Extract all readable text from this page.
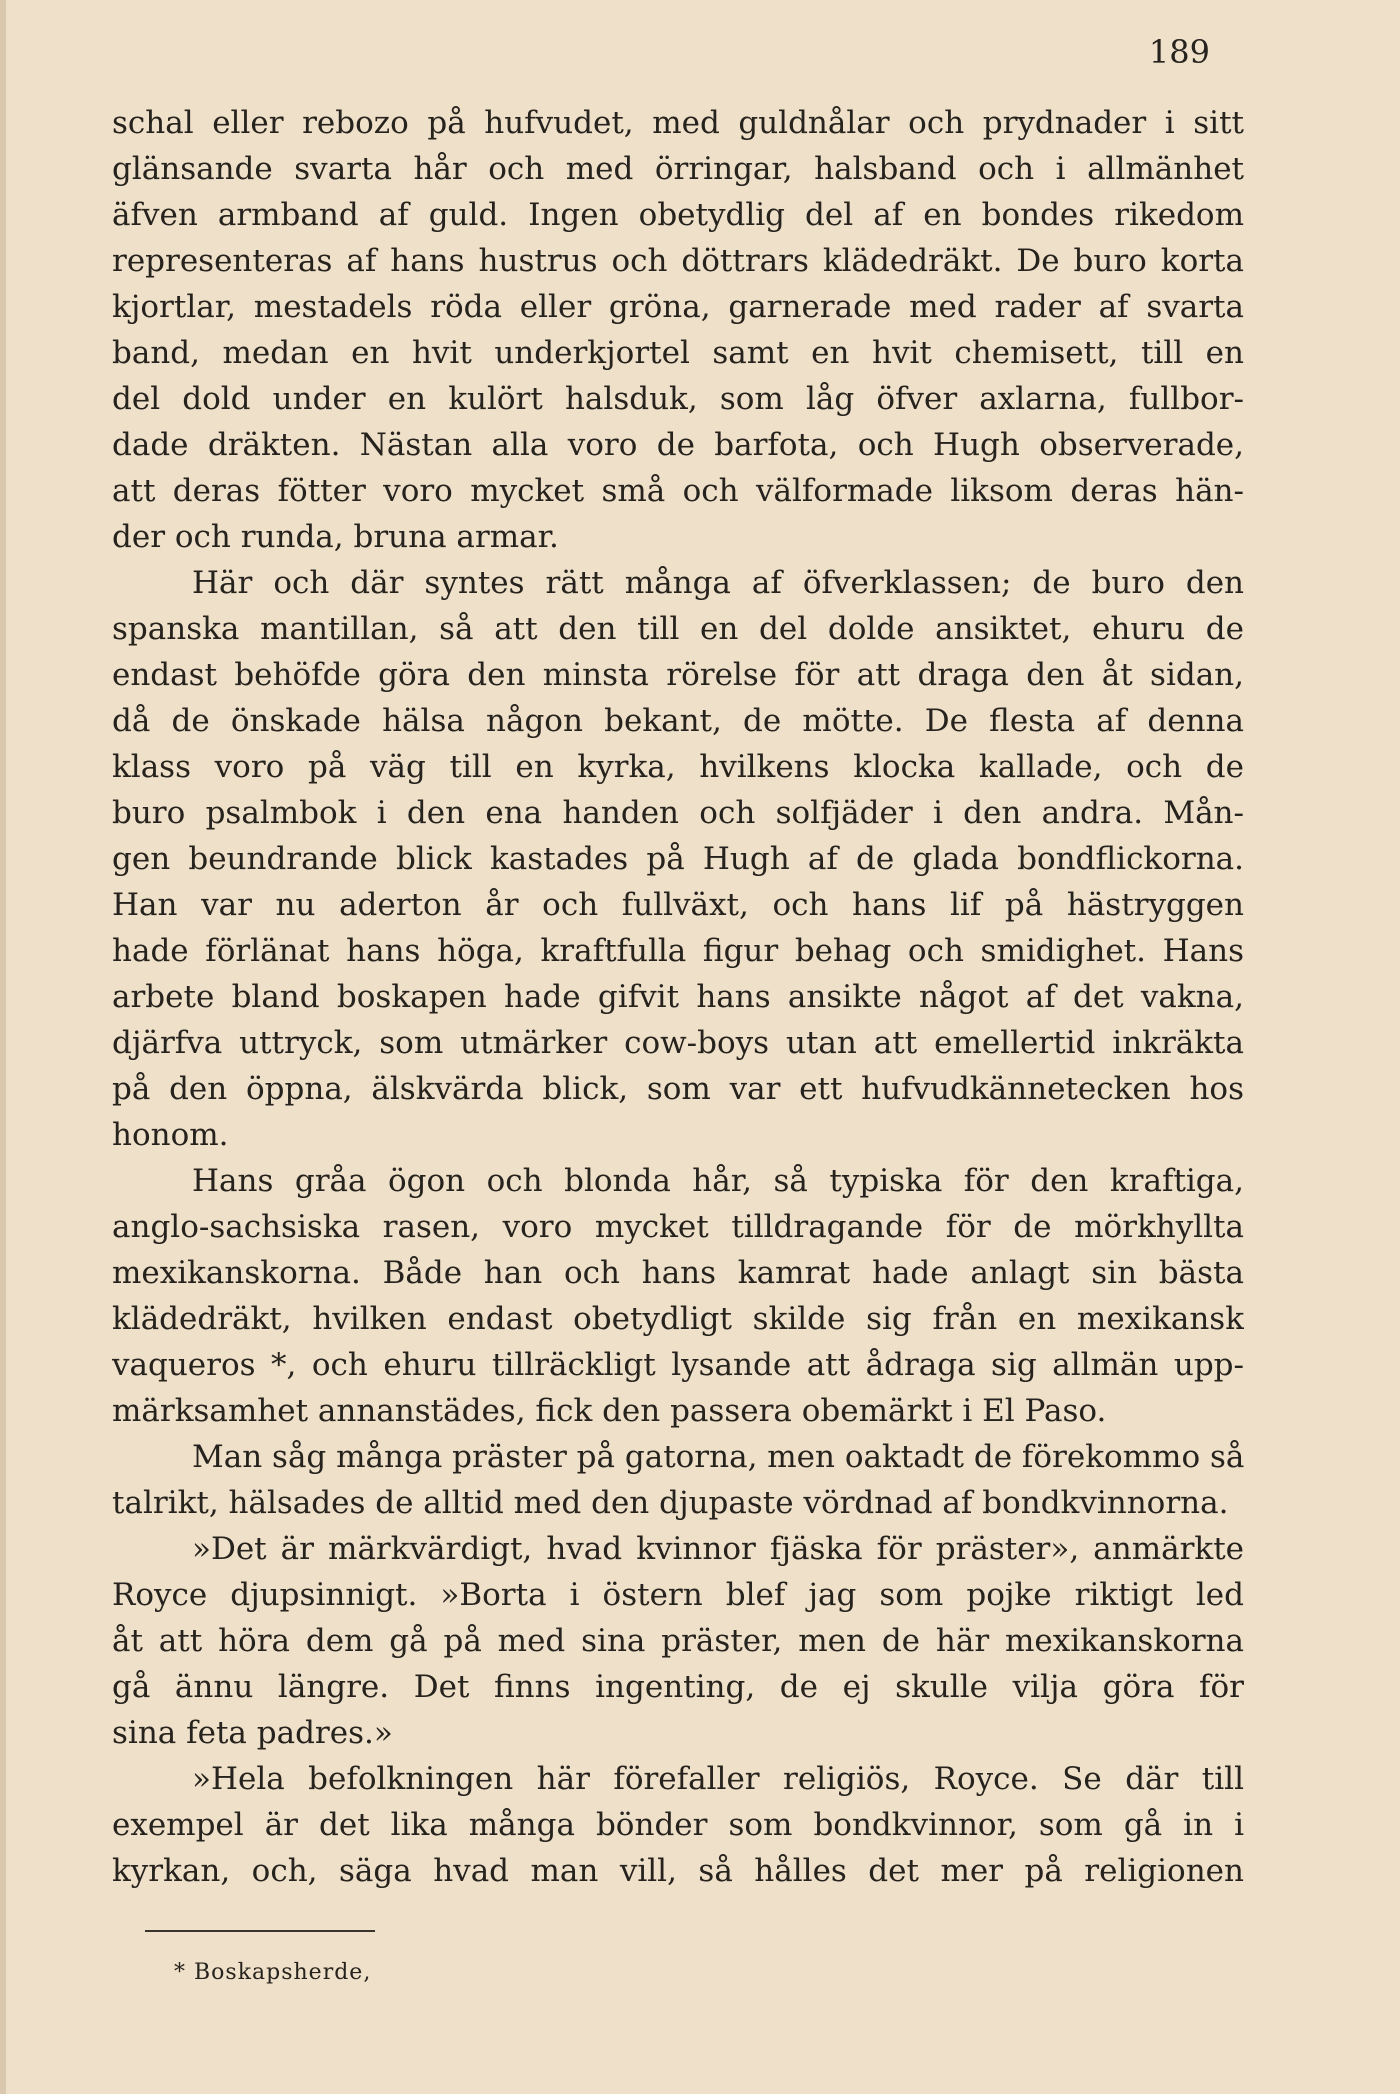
189
schal eller rebozo på hufvudet, med guldnålar och prydnader i sitt
glänsande svarta hår och med örringar, halsband och i allmänhet
äfven armband af guld. Ingen obetydlig del af en bondes rikedom
representeras af hans hustrus och döttrars klädedräkt. De buro korta
kjortlar, mestadels röda eller gröna, garnerade med rader af svarta
band, medan en hvit underkjortel samt en hvit chemisett, till en
del dold under en kulört halsduk, som låg öfver axlarna, fullbor-
dade dräkten. Nästan alla voro de barfota, och Hugh observerade,
att deras fötter voro mycket små och välformade liksom deras hän-
der och runda, bruna armar.
Här och där syntes rätt många af öfverklassen; de buro den
spanska mantillan, så att den till en del dolde ansiktet, ehuru de
endast behöfde göra den minsta rörelse för att draga den åt sidan,
då de önskade hälsa någon bekant, de mötte. De flesta af denna
klass voro på väg till en kyrka, hvilkens klocka kallade, och de
buro psalmbok i den ena handen och solfjäder i den andra. Mån-
gen beundrande blick kastades på Hugh af de glada bondflickorna.
Han var nu aderton år och fullväxt, och hans lif på hästryggen
hade förlänat hans höga, kraftfulla figur behag och smidighet. Hans
arbete bland boskapen hade gifvit hans ansikte något af det vakna,
djärfva uttryck, som utmärker cow-boys utan att emellertid inkräkta
på den öppna, älskvärda blick, som var ett hufvudkännetecken hos
honom.
Hans gråa ögon och blonda hår, så typiska för den kraftiga,
anglo-sachsiska rasen, voro mycket tilldragande för de mörkhyllta
mexikanskorna. Både han och hans kamrat hade anlagt sin bästa
klädedräkt, hvilken endast obetydligt skilde sig från en mexikansk
vaqueros *, och ehuru tillräckligt lysande att ådraga sig allmän upp-
märksamhet annanstädes, fick den passera obemärkt i El Paso.
Man såg många präster på gatorna, men oaktadt de förekommo så
talrikt, hälsades de alltid med den djupaste vördnad af bondkvinnorna.
»Det är märkvärdigt, hvad kvinnor fjäska för präster», anmärkte
Royce djupsinnigt. »Borta i östern blef jag som pojke riktigt led
åt att höra dem gå på med sina präster, men de här mexikanskorna
gå ännu längre. Det finns ingenting, de ej skulle vilja göra för
sina feta padres.»
»Hela befolkningen här förefaller religiös, Royce. Se där till
exempel är det lika många bönder som bondkvinnor, som gå in i
kyrkan, och, säga hvad man vill, så hålles det mer på religionen
* Boskapsherde,
